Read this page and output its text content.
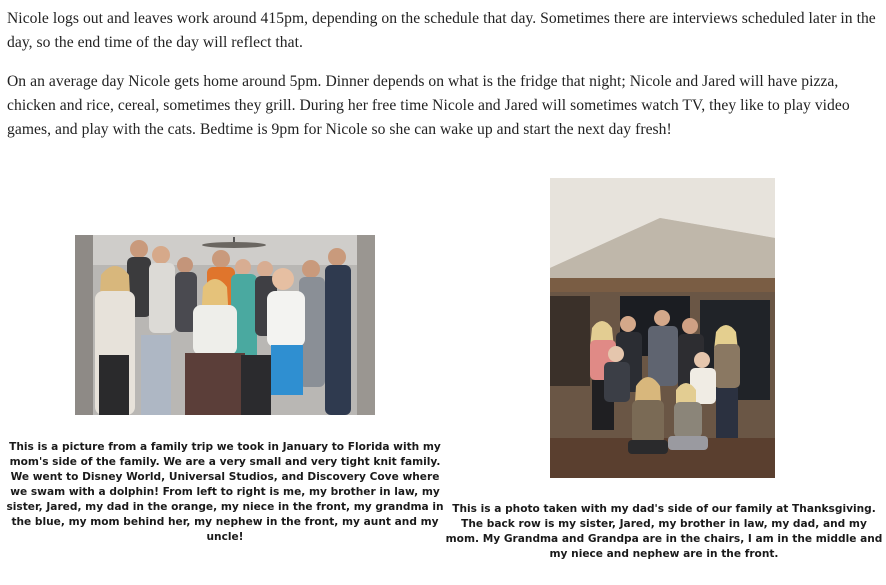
Nicole logs out and leaves work around 415pm, depending on the schedule that day. Sometimes there are interviews scheduled later in the day, so the end time of the day will reflect that.

On an average day Nicole gets home around 5pm. Dinner depends on what is the fridge that night; Nicole and Jared will have pizza, chicken and rice, cereal, sometimes they grill. During her free time Nicole and Jared will sometimes watch TV, they like to play video games, and play with the cats. Bedtime is 9pm for Nicole so she can wake up and start the next day fresh!

This is a picture from a family trip we took in January to Florida with my mom's side of the family. We are a very small and very tight knit family. We went to Disney World, Universal Studios, and Discovery Cove where we swam with a dolphin! From left to right is me, my brother in law, my sister, Jared, my dad in the orange, my niece in the front, my grandma in the blue, my mom behind her, my nephew in the front, my aunt and my uncle!

This is a photo taken with my dad's side of our family at Thanksgiving. The back row is my sister, Jared, my brother in law, my dad, and my mom. My Grandma and Grandpa are in the chairs, I am in the middle and my niece and nephew are in the front.
